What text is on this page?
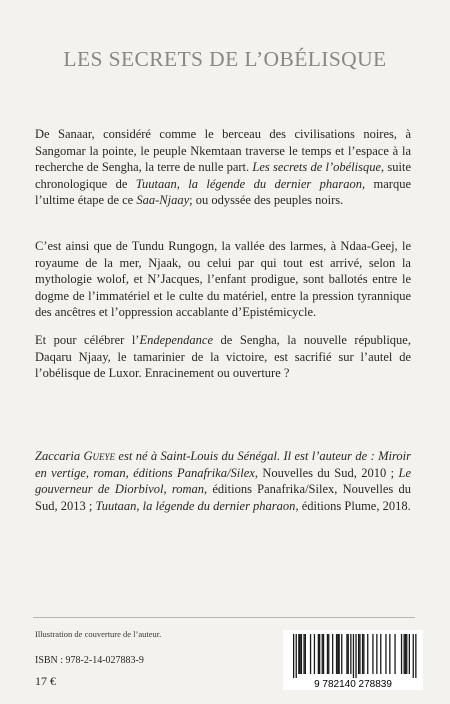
LES SECRETS DE L’OBÉLISQUE

De Sanaar, considéré comme le berceau des civilisations noires, à Sangomar la pointe, le peuple Nkemtaan traverse le temps et l’espace à la recherche de Sengha, la terre de nulle part. Les secrets de l’obélisque, suite chronologique de Tuutaan, la légende du dernier pharaon, marque l’ultime étape de ce Saa-Njaay; ou odyssée des peuples noirs.

C’est ainsi que de Tundu Rungogn, la vallée des larmes, à Ndaa-Geej, le royaume de la mer, Njaak, ou celui par qui tout est arrivé, selon la mythologie wolof, et N’Jacques, l’enfant prodigue, sont ballotés entre le dogme de l’immatériel et le culte du matériel, entre la pression tyrannique des ancêtres et l’oppression accablante d’Epistémicycle.

Et pour célébrer l’Endependance de Sengha, la nouvelle république, Daqaru Njaay, le tamarinier de la victoire, est sacrifié sur l’autel de l’obélisque de Luxor. Enracinement ou ouverture ?

Zaccaria Gueye est né à Saint-Louis du Sénégal. Il est l’auteur de : Miroir en vertige, roman, éditions Panafrika/Silex, Nouvelles du Sud, 2010 ; Le gouverneur de Diorbivol, roman, éditions Panafrika/Silex, Nouvelles du Sud, 2013 ; Tuutaan, la légende du dernier pharaon, éditions Plume, 2018.

Illustration de couverture de l’auteur.
ISBN : 978-2-14-027883-9
17 €	9 782140 278839
